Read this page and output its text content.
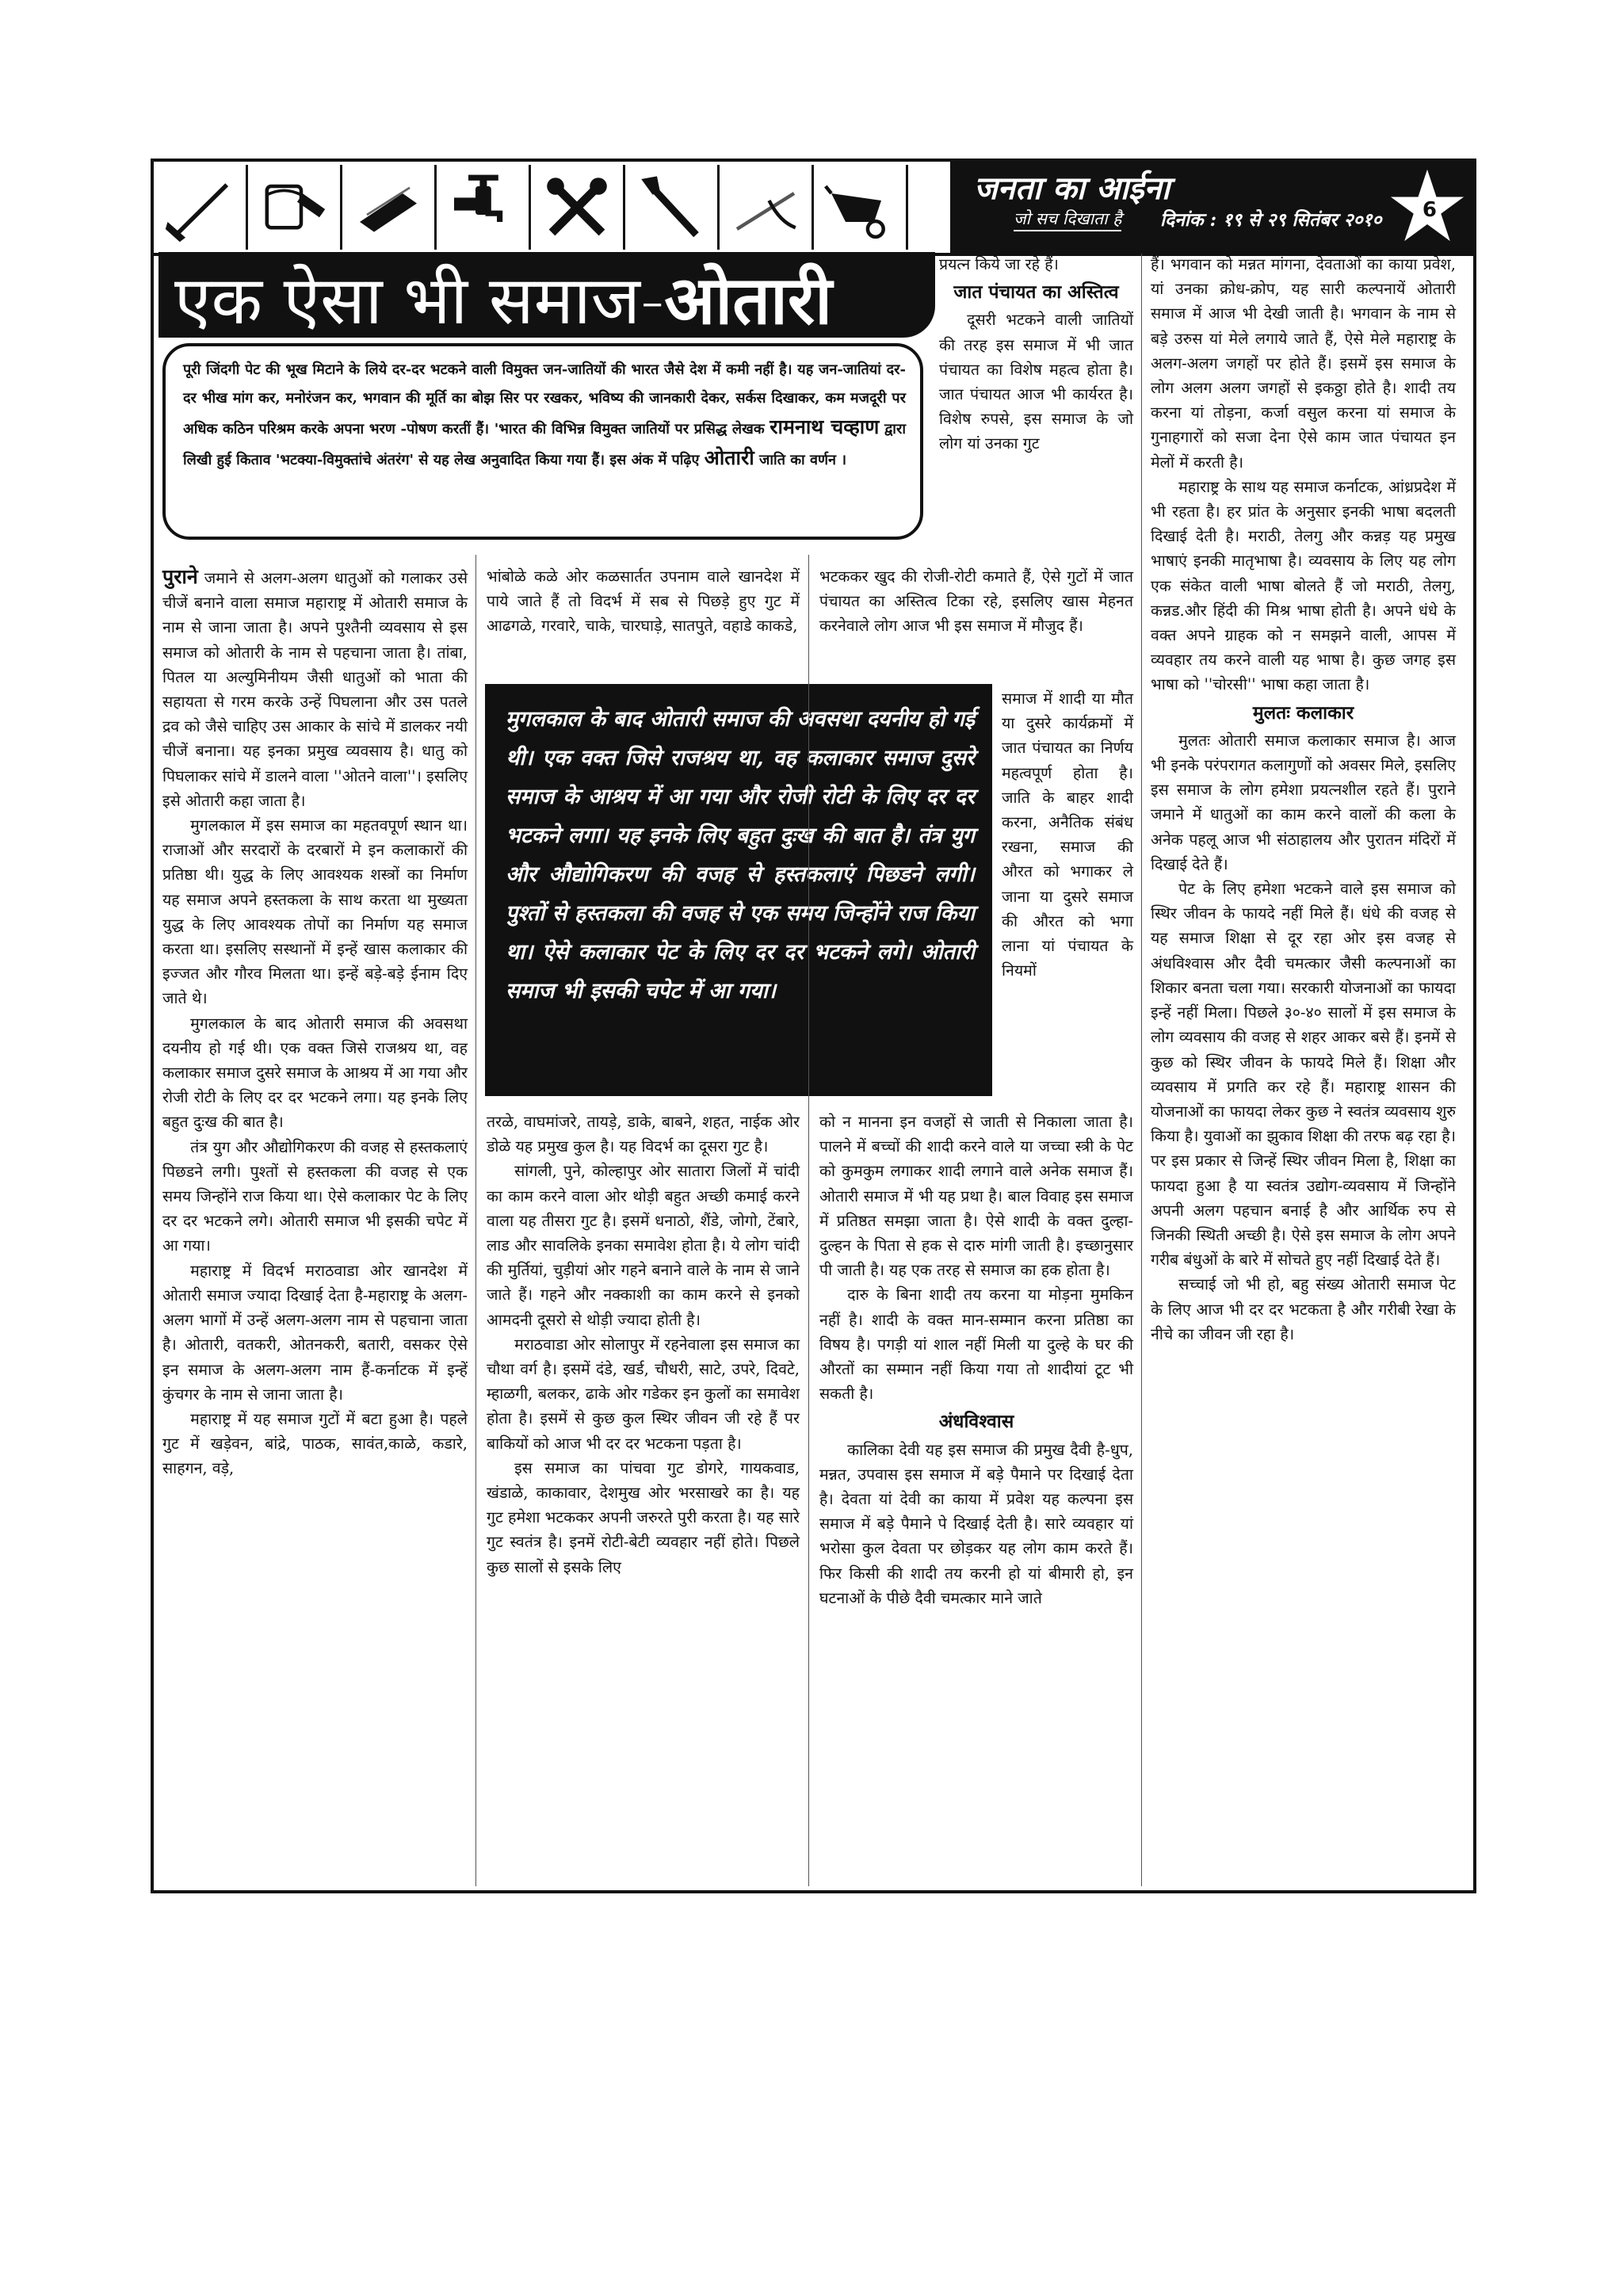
जनता का आईना
जो सच दिखाता है दिनांक : १९ से २९ सितंबर २०१० 6
एक ऐसा भी समाज-ओतारी
पूरी जिंदगी पेट की भूख मिटाने के लिये दर-दर भटकने वाली विमुक्त जन-जातियों की भारत जैसे देश में कमी नहीं है। यह जन-जातियां दर-दर भीख मांग कर, मनोरंजन कर, भगवान की मूर्ति का बोझ सिर पर रखकर, भविष्य की जानकारी देकर, सर्कस दिखाकर, कम मजदूरी पर अधिक कठिन परिश्रम करके अपना भरण -पोषण करतीं हैं। 'भारत की विभिन्न विमुक्त जातियों पर प्रसिद्ध लेखक रामनाथ चव्हाण द्वारा लिखी हुई किताव 'भटक्या-विमुक्तांचे अंतरंग' से यह लेख अनुवादित किया गया हैं। इस अंक में पढ़िए ओतारी जाति का वर्णन ।

पुराने जमाने से अलग-अलग धातुओं को गलाकर उसे चीजें बनाने वाला समाज महाराष्ट्र में ओतारी समाज के नाम से जाना जाता है। अपने पुश्तैनी व्यवसाय से इस समाज को ओतारी के नाम से पहचाना जाता है। तांबा, पितल या अल्युमिनीयम जैसी धातुओं को भाता की सहायता से गरम करके उन्हें पिघलाना और उस पतले द्रव को जैसे चाहिए उस आकार के सांचे में डालकर नयी चीजें बनाना। यह इनका प्रमुख व्यवसाय है। धातु को पिघलाकर सांचे में डालने वाला ''ओतने वाला''। इसलिए इसे ओतारी कहा जाता है।

मुगलकाल में इस समाज का महतवपूर्ण स्थान था। राजाओं और सरदारों के दरबारों मे इन कलाकारों की प्रतिष्ठा थी। युद्ध के लिए आवश्यक शस्त्रों का निर्माण यह समाज अपने हस्तकला के साथ करता था मुख्यता युद्ध के लिए आवश्यक तोपों का निर्माण यह समाज करता था। इसलिए सस्थानों में इन्हें खास कलाकार की इज्जत और गौरव मिलता था। इन्हें बड़े-बड़े ईनाम दिए जाते थे।

मुगलकाल के बाद ओतारी समाज की अवसथा दयनीय हो गई थी। एक वक्त जिसे राजश्रय था, वह कलाकार समाज दुसरे समाज के आश्रय में आ गया और रोजी रोटी के लिए दर दर भटकने लगा। यह इनके लिए बहुत दुःख की बात है।

तंत्र युग और औद्योगिकरण की वजह से हस्तकलाएं पिछडने लगी। पुश्तों से हस्तकला की वजह से एक समय जिन्होंने राज किया था। ऐसे कलाकार पेट के लिए दर दर भटकने लगे। ओतारी समाज भी इसकी चपेट में आ गया।

महाराष्ट्र में विदर्भ मराठवाडा ओर खानदेश में ओतारी समाज ज्यादा दिखाई देता है-महाराष्ट्र के अलग-अलग भागों में उन्हें अलग-अलग नाम से पहचाना जाता है। ओतारी, वतकरी, ओतनकरी, बतारी, वसकर ऐसे इन समाज के अलग-अलग नाम हैं-कर्नाटक में इन्हें कुंचगर के नाम से जाना जाता है।

महाराष्ट्र में यह समाज गुटों में बटा हुआ है। पहले गुट में खड़ेवन, बांद्रे, पाठक, सावंत,काळे, कडारे, साहगन, वड़े,

भांबोळे कळे ओर कळसार्तत उपनाम वाले खानदेश में पाये जाते हैं तो विदर्भ में सब से पिछड़े हुए गुट में आढगळे, गरवारे, चाके, चारघाड़े, सातपुते, वहाडे काकडे,

तरळे, वाघमांजरे, तायड़े, डाके, बाबने, शहत, नाईक ओर डोळे यह प्रमुख कुल है। यह विदर्भ का दूसरा गुट है।

सांगली, पुने, कोल्हापुर ओर सातारा जिलों में चांदी का काम करने वाला ओर थोड़ी बहुत अच्छी कमाई करने वाला यह तीसरा गुट है। इसमें धनाठो, शैंडे, जोगो, टेंबारे, लाड और सावलिके इनका समावेश होता है। ये लोग चांदी की मुर्तियां, चुड़ीयां ओर गहने बनाने वाले के नाम से जाने जाते हैं। गहने और नक्काशी का काम करने से इनको आमदनी दूसरो से थोड़ी ज्यादा होती है।

मराठवाडा ओर सोलापुर में रहनेवाला इस समाज का चौथा वर्ग है। इसमें दंडे, खर्ड, चौधरी, साटे, उपरे, दिवटे, म्हाळगी, बलकर, ढाके ओर गडेकर इन कुलों का समावेश होता है। इसमें से कुछ कुल स्थिर जीवन जी रहे हैं पर बाकियों को आज भी दर दर भटकना पड़ता है।

इस समाज का पांचवा गुट डोगरे, गायकवाड, खंडाळे, काकावार, देशमुख ओर भरसाखरे का है। यह गुट हमेशा भटककर अपनी जरुरते पुरी करता है। यह सारे गुट स्वतंत्र है। इनमें रोटी-बेटी व्यवहार नहीं होते। पिछले कुछ सालों से इसके लिए

मुगलकाल के बाद ओतारी समाज की अवसथा दयनीय हो गई थी। एक वक्त जिसे राजश्रय था, वह कलाकार समाज दुसरे समाज के आश्रय में आ गया और रोजी रोटी के लिए दर दर भटकने लगा। यह इनके लिए बहुत दुःख की बात है। तंत्र युग और औद्योगिकरण की वजह से हस्तकलाएं पिछडने लगी। पुश्तों से हस्तकला की वजह से एक समय जिन्होंने राज किया था। ऐसे कलाकार पेट के लिए दर दर भटकने लगे। ओतारी समाज भी इसकी चपेट में आ गया।

प्रयत्न किये जा रहे हैं।

जात पंचायत का अस्तित्व

दूसरी भटकने वाली जातियों की तरह इस समाज में भी जात पंचायत का विशेष महत्व होता है। जात पंचायत आज भी कार्यरत है। विशेष रुपसे, इस समाज के जो लोग यां उनका गुट

भटककर खुद की रोजी-रोटी कमाते हैं, ऐसे गुटों में जात पंचायत का अस्तित्व टिका रहे, इसलिए खास मेहनत करनेवाले लोग आज भी इस समाज में मौजुद हैं।

समाज में शादी या मौत या दुसरे कार्यक्रमों में जात पंचायत का निर्णय महत्वपूर्ण होता है। जाति के बाहर शादी करना, अनैतिक संबंध रखना, समाज की औरत को भगाकर ले जाना या दुसरे समाज की औरत को भगा लाना यां पंचायत के नियमों

को न मानना इन वजहों से जाती से निकाला जाता है। पालने में बच्चों की शादी करने वाले या जच्चा स्त्री के पेट को कुमकुम लगाकर शादी लगाने वाले अनेक समाज हैं। ओतारी समाज में भी यह प्रथा है। बाल विवाह इस समाज में प्रतिष्ठत समझा जाता है। ऐसे शादी के वक्त दुल्हा-दुल्हन के पिता से हक से दारु मांगी जाती है। इच्छानुसार पी जाती है। यह एक तरह से समाज का हक होता है।

दारु के बिना शादी तय करना या मोड़ना मुमकिन नहीं है। शादी के वक्त मान-सम्मान करना प्रतिष्ठा का विषय है। पगड़ी यां शाल नहीं मिली या दुल्हे के घर की औरतों का सम्मान नहीं किया गया तो शादीयां टूट भी सकती है।

अंधविश्वास

कालिका देवी यह इस समाज की प्रमुख दैवी है-धुप, मन्नत, उपवास इस समाज में बड़े पैमाने पर दिखाई देता है। देवता यां देवी का काया में प्रवेश यह कल्पना इस समाज में बड़े पैमाने पे दिखाई देती है। सारे व्यवहार यां भरोसा कुल देवता पर छोड़कर यह लोग काम करते हैं। फिर किसी की शादी तय करनी हो यां बीमारी हो, इन घटनाओं के पीछे दैवी चमत्कार माने जाते

हैं। भगवान को मन्नत मांगना, देवताओं का काया प्रवेश, यां उनका क्रोध-क्रोप, यह सारी कल्पनायें ओतारी समाज में आज भी देखी जाती है। भगवान के नाम से बड़े उरुस यां मेले लगाये जाते हैं, ऐसे मेले महाराष्ट्र के अलग-अलग जगहों पर होते हैं। इसमें इस समाज के लोग अलग अलग जगहों से इकठ्ठा होते है। शादी तय करना यां तोड़ना, कर्जा वसुल करना यां समाज के गुनाहगारों को सजा देना ऐसे काम जात पंचायत इन मेलों में करती है।

महाराष्ट्र के साथ यह समाज कर्नाटक, आंध्रप्रदेश में भी रहता है। हर प्रांत के अनुसार इनकी भाषा बदलती दिखाई देती है। मराठी, तेलगु और कन्नड़ यह प्रमुख भाषाएं इनकी मातृभाषा है। व्यवसाय के लिए यह लोग एक संकेत वाली भाषा बोलते हैं जो मराठी, तेलगु, कन्नड.और हिंदी की मिश्र भाषा होती है। अपने धंधे के वक्त अपने ग्राहक को न समझने वाली, आपस में व्यवहार तय करने वाली यह भाषा है। कुछ जगह इस भाषा को ''चोरसी'' भाषा कहा जाता है।

मुलतः कलाकार

मुलतः ओतारी समाज कलाकार समाज है। आज भी इनके परंपरागत कलागुणों को अवसर मिले, इसलिए इस समाज के लोग हमेशा प्रयत्नशील रहते हैं। पुराने जमाने में धातुओं का काम करने वालों की कला के अनेक पहलू आज भी संठाहालय और पुरातन मंदिरों में दिखाई देते हैं।

पेट के लिए हमेशा भटकने वाले इस समाज को स्थिर जीवन के फायदे नहीं मिले हैं। धंधे की वजह से यह समाज शिक्षा से दूर रहा ओर इस वजह से अंधविश्वास और दैवी चमत्कार जैसी कल्पनाओं का शिकार बनता चला गया। सरकारी योजनाओं का फायदा इन्हें नहीं मिला। पिछले ३०-४० सालों में इस समाज के लोग व्यवसाय की वजह से शहर आकर बसे हैं। इनमें से कुछ को स्थिर जीवन के फायदे मिले हैं। शिक्षा और व्यवसाय में प्रगति कर रहे हैं। महाराष्ट्र शासन की योजनाओं का फायदा लेकर कुछ ने स्वतंत्र व्यवसाय शुरु किया है। युवाओं का झुकाव शिक्षा की तरफ बढ़ रहा है। पर इस प्रकार से जिन्हें स्थिर जीवन मिला है, शिक्षा का फायदा हुआ है या स्वतंत्र उद्योग-व्यवसाय में जिन्होंने अपनी अलग पहचान बनाई है और आर्थिक रुप से जिनकी स्थिती अच्छी है। ऐसे इस समाज के लोग अपने गरीब बंधुओं के बारे में सोचते हुए नहीं दिखाई देते हैं।

सच्चाई जो भी हो, बहु संख्य ओतारी समाज पेट के लिए आज भी दर दर भटकता है और गरीबी रेखा के नीचे का जीवन जी रहा है।
